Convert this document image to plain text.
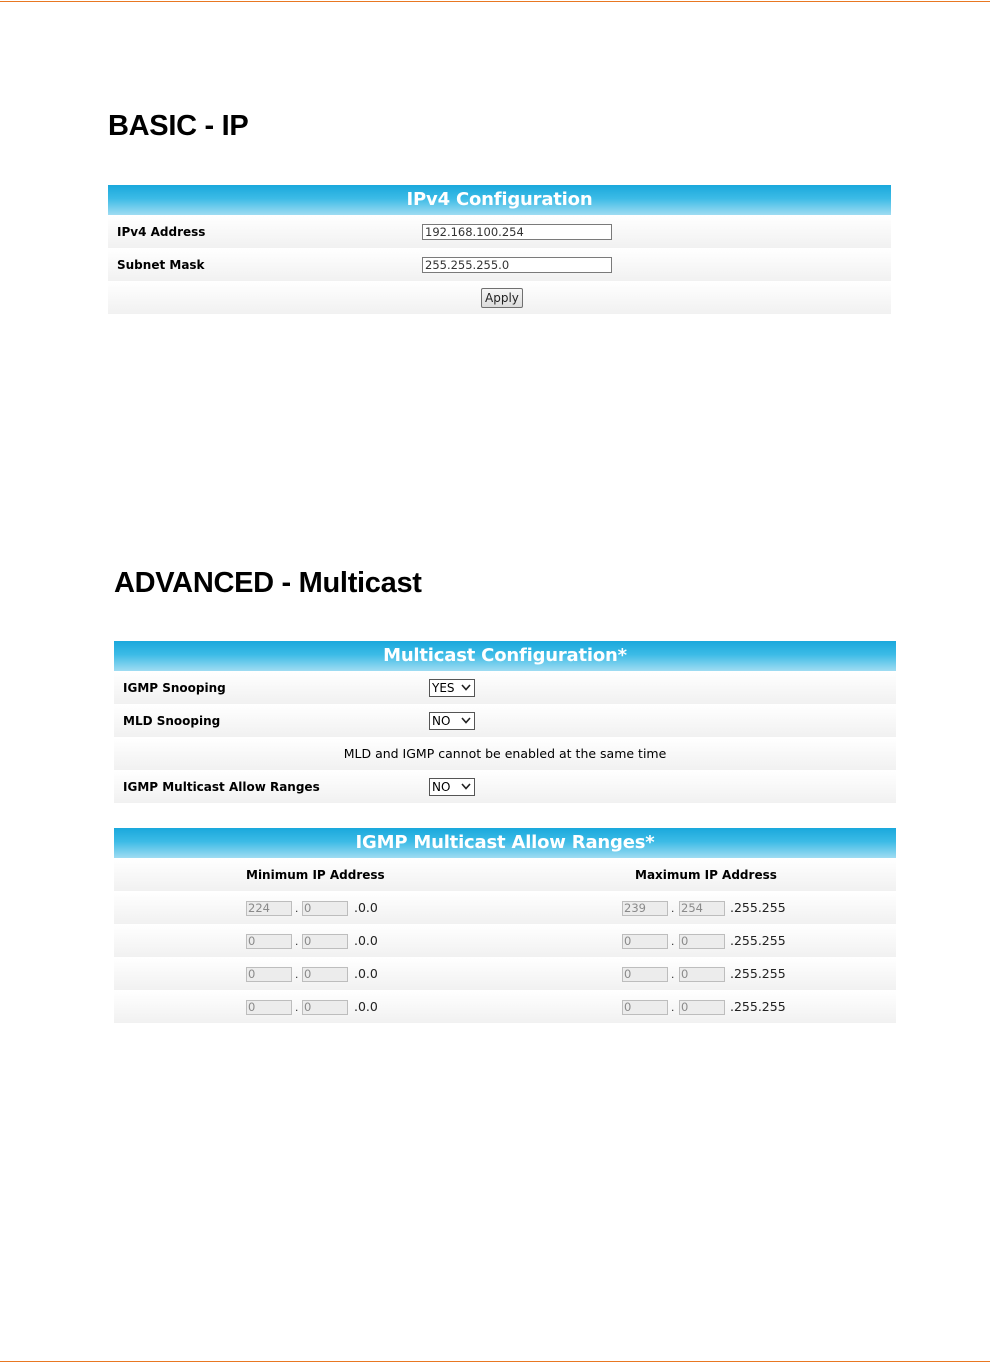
BASIC - IP
IPv4 Configuration
IPv4 Address	192.168.100.254
Subnet Mask	255.255.255.0
Apply
ADVANCED - Multicast
Multicast Configuration*
IGMP Snooping	YES
MLD Snooping	NO
MLD and IGMP cannot be enabled at the same time
IGMP Multicast Allow Ranges	NO
IGMP Multicast Allow Ranges*
Minimum IP Address	Maximum IP Address
224	. 0	.0.0	239	. 254	.255.255
0	. 0	.0.0	0	. 0	.255.255
0	. 0	.0.0	0	. 0	.255.255
0	. 0	.0.0	0	. 0	.255.255
